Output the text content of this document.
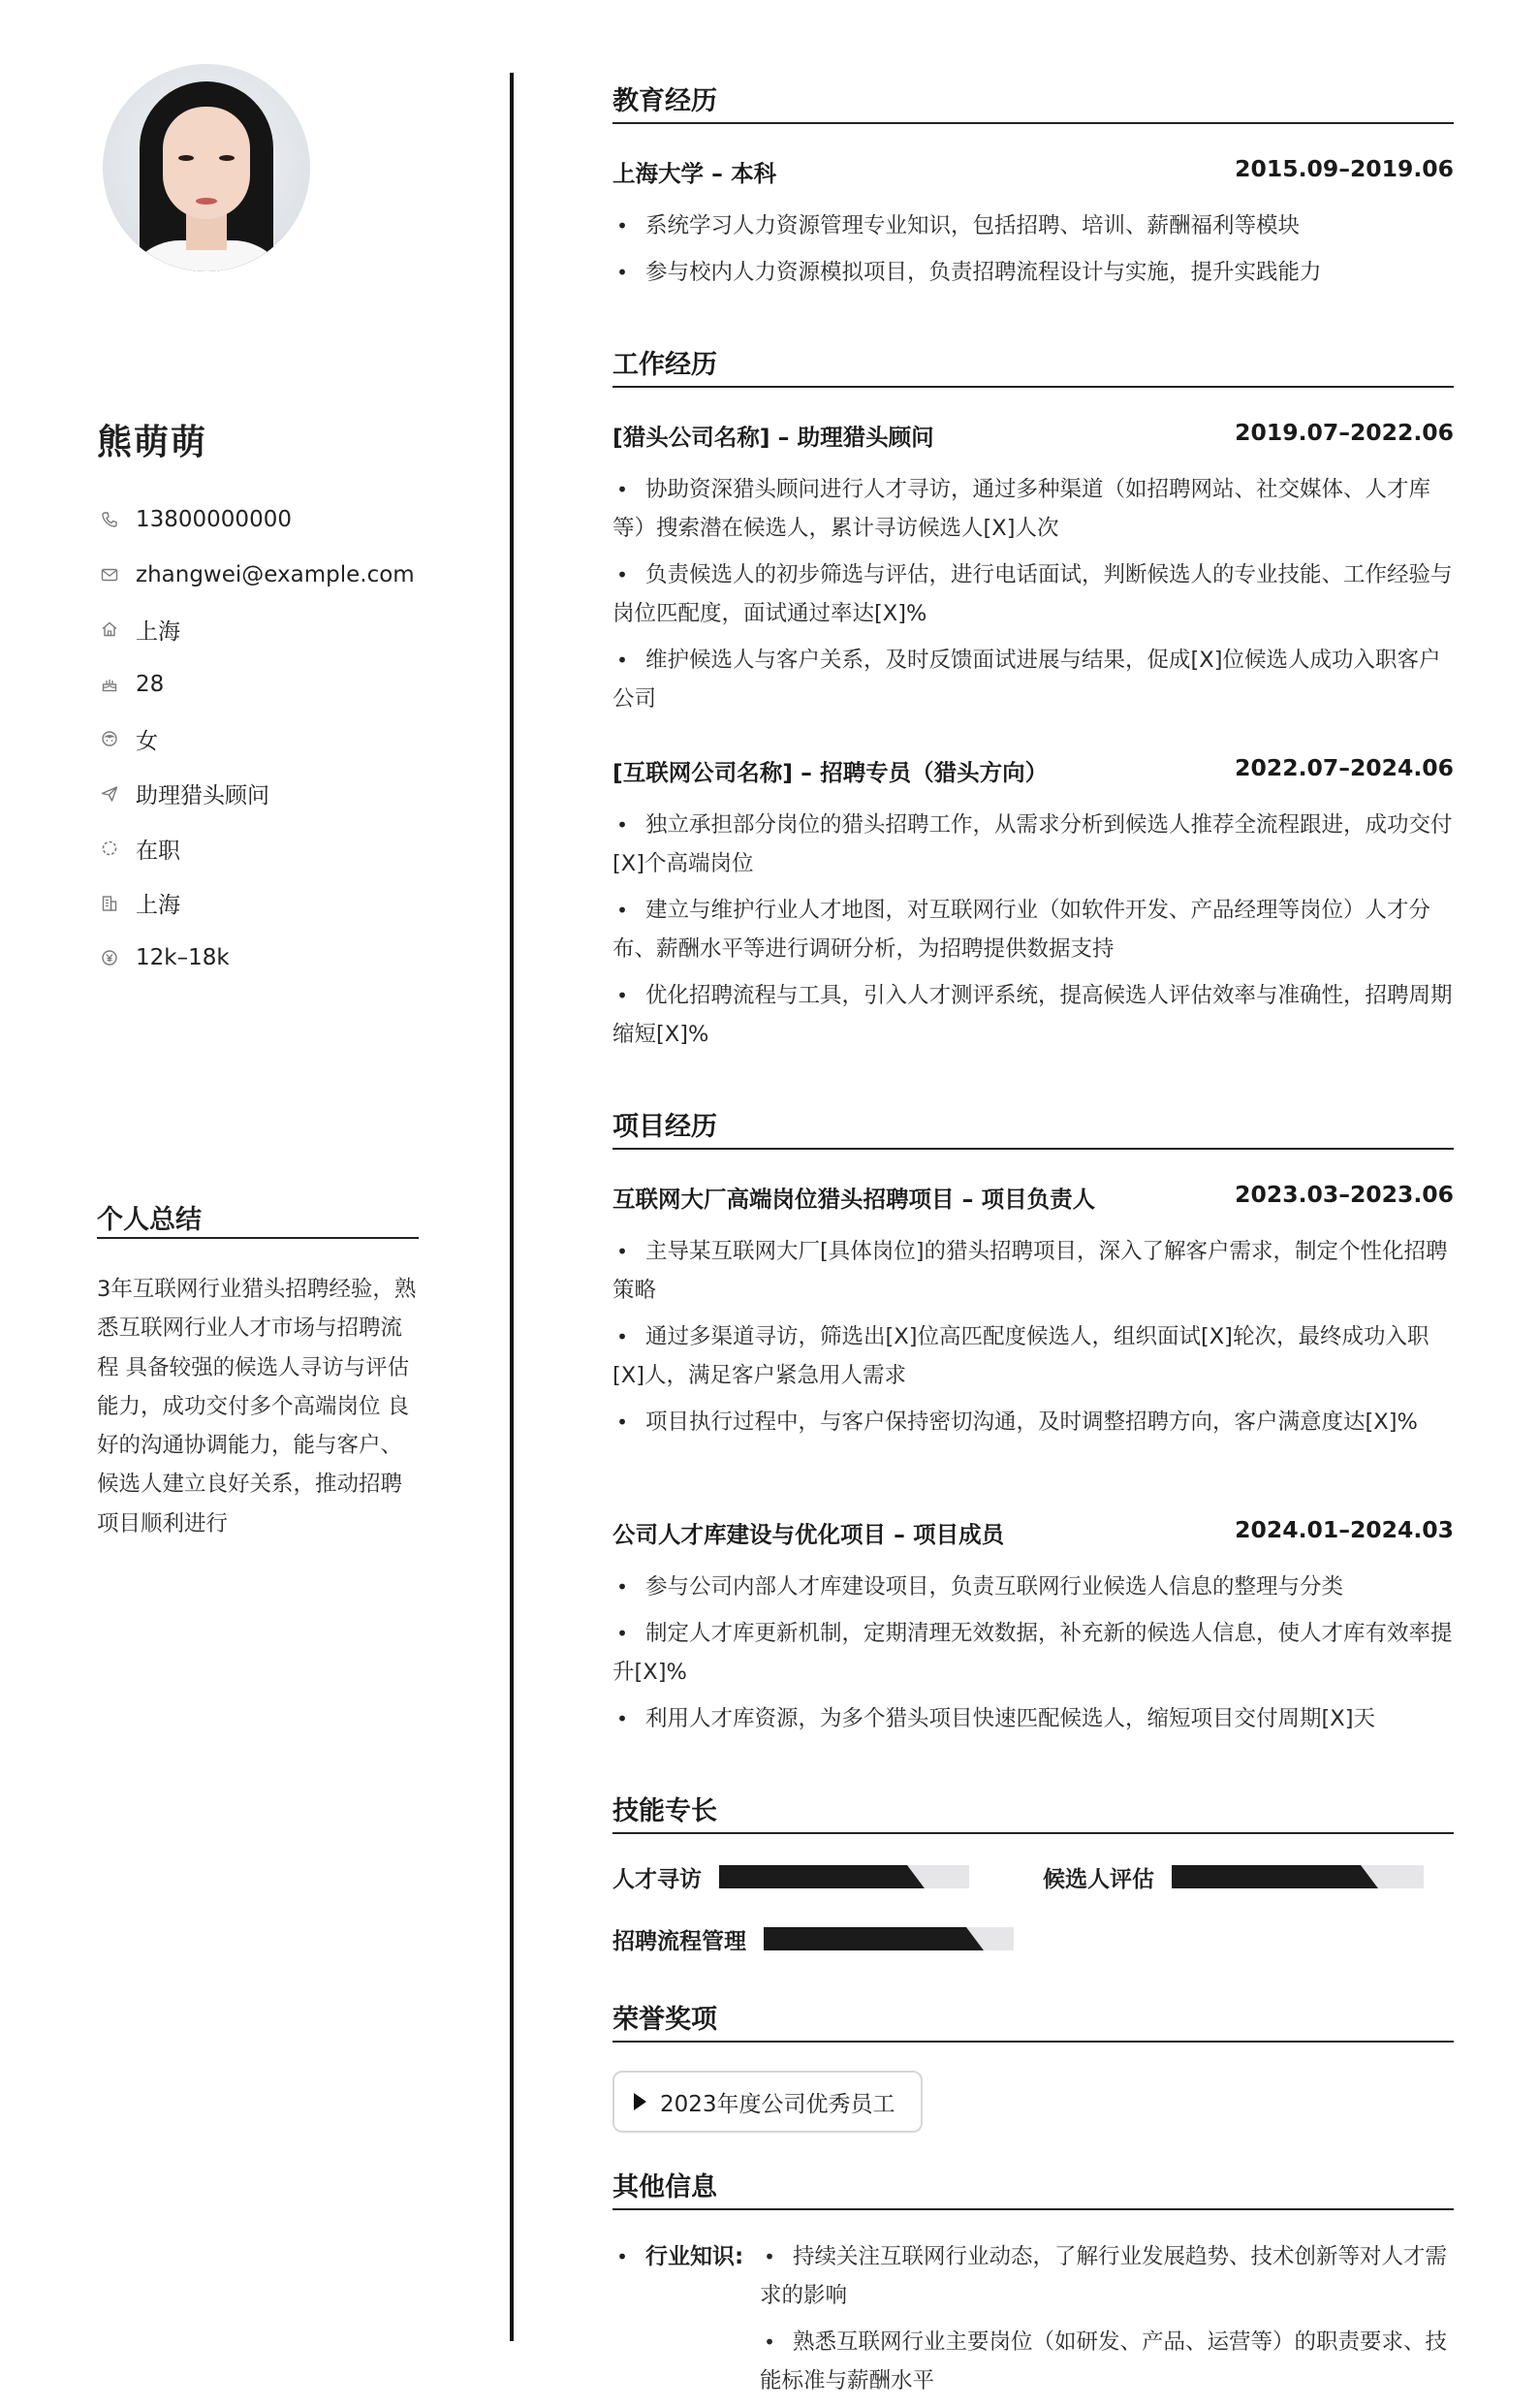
熊萌萌
13800000000
zhangwei@example.com
上海
28
女
助理猎头顾问
在职
上海
12k–18k
个人总结
3年互联网行业猎头招聘经验，熟悉互联网行业人才市场与招聘流程 具备较强的候选人寻访与评估能力，成功交付多个高端岗位 良好的沟通协调能力，能与客户、候选人建立良好关系，推动招聘项目顺利进行
教育经历
上海大学 – 本科	2015.09–2019.06
• 系统学习人力资源管理专业知识，包括招聘、培训、薪酬福利等模块
• 参与校内人力资源模拟项目，负责招聘流程设计与实施，提升实践能力
工作经历
[猎头公司名称] – 助理猎头顾问	2019.07–2022.06
• 协助资深猎头顾问进行人才寻访，通过多种渠道（如招聘网站、社交媒体、人才库等）搜索潜在候选人，累计寻访候选人[X]人次
• 负责候选人的初步筛选与评估，进行电话面试，判断候选人的专业技能、工作经验与岗位匹配度，面试通过率达[X]%
• 维护候选人与客户关系，及时反馈面试进展与结果，促成[X]位候选人成功入职客户公司
[互联网公司名称] – 招聘专员（猎头方向）	2022.07–2024.06
• 独立承担部分岗位的猎头招聘工作，从需求分析到候选人推荐全流程跟进，成功交付[X]个高端岗位
• 建立与维护行业人才地图，对互联网行业（如软件开发、产品经理等岗位）人才分布、薪酬水平等进行调研分析，为招聘提供数据支持
• 优化招聘流程与工具，引入人才测评系统，提高候选人评估效率与准确性，招聘周期缩短[X]%
项目经历
互联网大厂高端岗位猎头招聘项目 – 项目负责人	2023.03–2023.06
• 主导某互联网大厂[具体岗位]的猎头招聘项目，深入了解客户需求，制定个性化招聘策略
• 通过多渠道寻访，筛选出[X]位高匹配度候选人，组织面试[X]轮次，最终成功入职[X]人，满足客户紧急用人需求
• 项目执行过程中，与客户保持密切沟通，及时调整招聘方向，客户满意度达[X]%
公司人才库建设与优化项目 – 项目成员	2024.01–2024.03
• 参与公司内部人才库建设项目，负责互联网行业候选人信息的整理与分类
• 制定人才库更新机制，定期清理无效数据，补充新的候选人信息，使人才库有效率提升[X]%
• 利用人才库资源，为多个猎头项目快速匹配候选人，缩短项目交付周期[X]天
技能专长
人才寻访	候选人评估
招聘流程管理
荣誉奖项
2023年度公司优秀员工
其他信息
• 行业知识:
•	持续关注互联网行业动态，了解行业发展趋势、技术创新等对人才需求的影响
• 熟悉互联网行业主要岗位（如研发、产品、运营等）的职责要求、技能标准与薪酬水平
